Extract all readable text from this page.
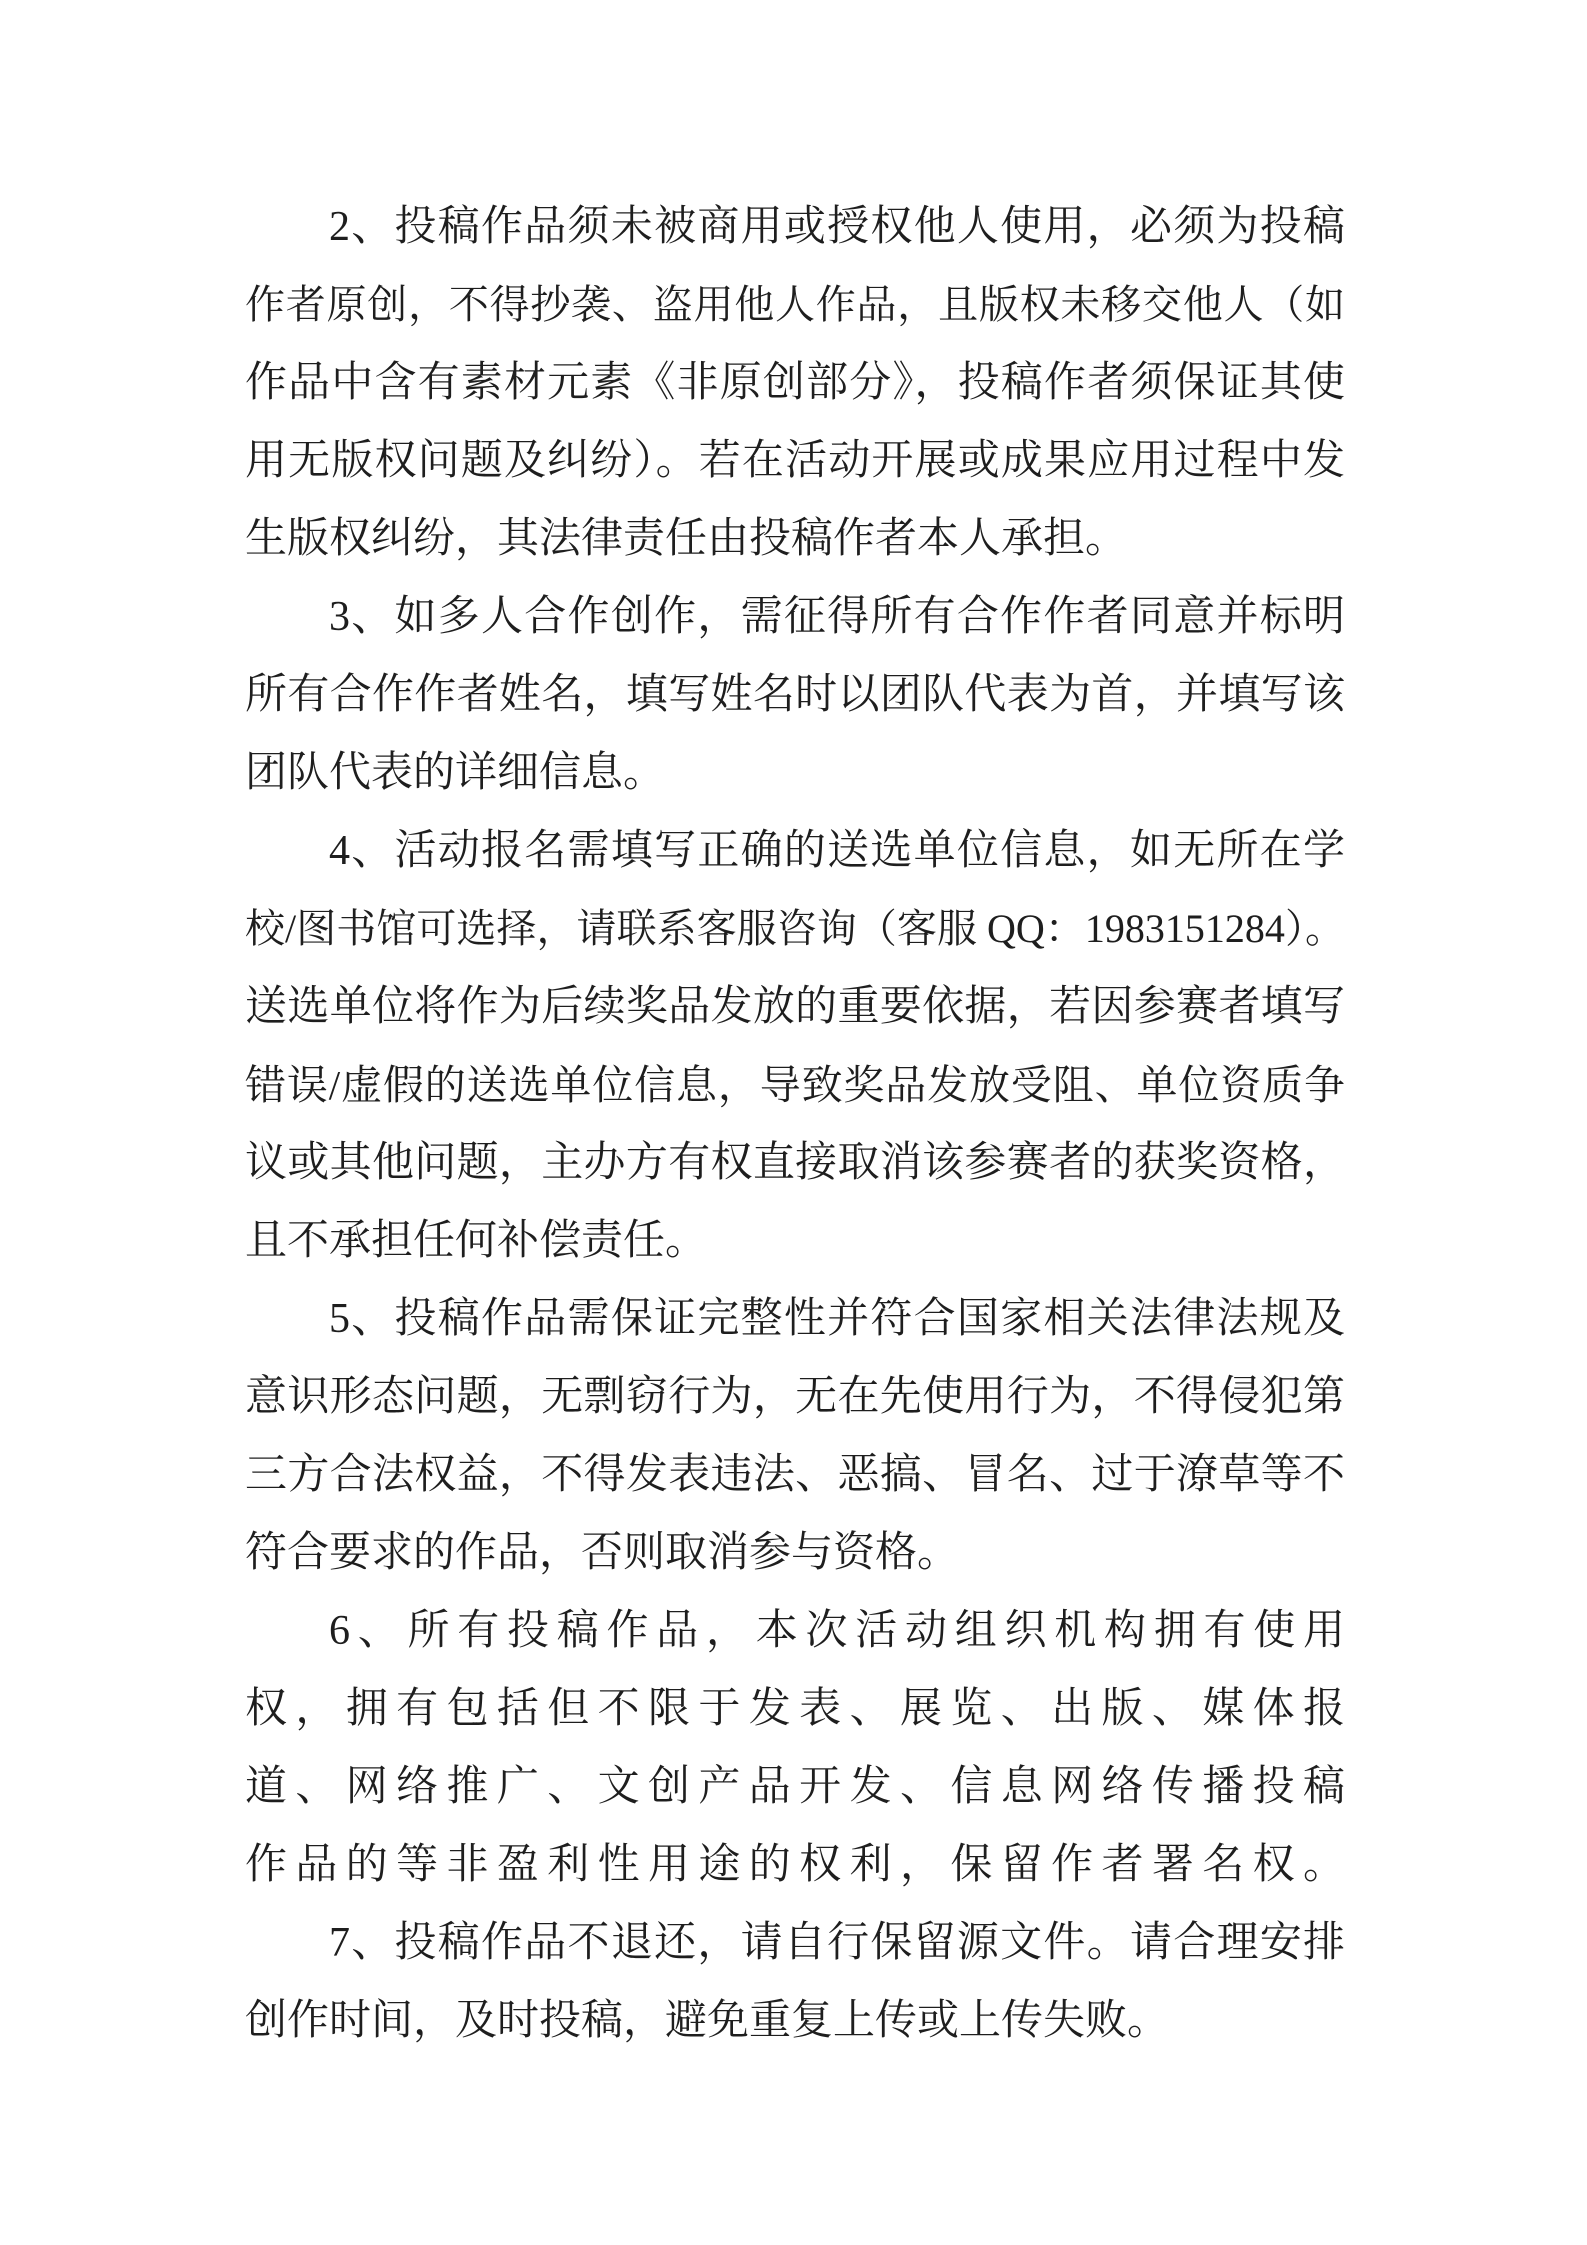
2、投稿作品须未被商用或授权他人使用，必须为投稿
作者原创，不得抄袭、盗用他人作品，且版权未移交他人（如
作品中含有素材元素《非原创部分》，投稿作者须保证其使
用无版权问题及纠纷）。若在活动开展或成果应用过程中发
生版权纠纷，其法律责任由投稿作者本人承担。
3、如多人合作创作，需征得所有合作作者同意并标明
所有合作作者姓名，填写姓名时以团队代表为首，并填写该
团队代表的详细信息。
4、活动报名需填写正确的送选单位信息，如无所在学
校/图书馆可选择，请联系客服咨询（客服 QQ：1983151284）。
送选单位将作为后续奖品发放的重要依据，若因参赛者填写
错误/虚假的送选单位信息，导致奖品发放受阻、单位资质争
议或其他问题，主办方有权直接取消该参赛者的获奖资格，
且不承担任何补偿责任。
5、投稿作品需保证完整性并符合国家相关法律法规及
意识形态问题，无剽窃行为，无在先使用行为，不得侵犯第
三方合法权益，不得发表违法、恶搞、冒名、过于潦草等不
符合要求的作品，否则取消参与资格。
6、所有投稿作品，本次活动组织机构拥有使用
权，拥有包括但不限于发表、展览、出版、媒体报
道、网络推广、文创产品开发、信息网络传播投稿
作品的等非盈利性用途的权利，保留作者署名权。
7、投稿作品不退还，请自行保留源文件。请合理安排
创作时间，及时投稿，避免重复上传或上传失败。
